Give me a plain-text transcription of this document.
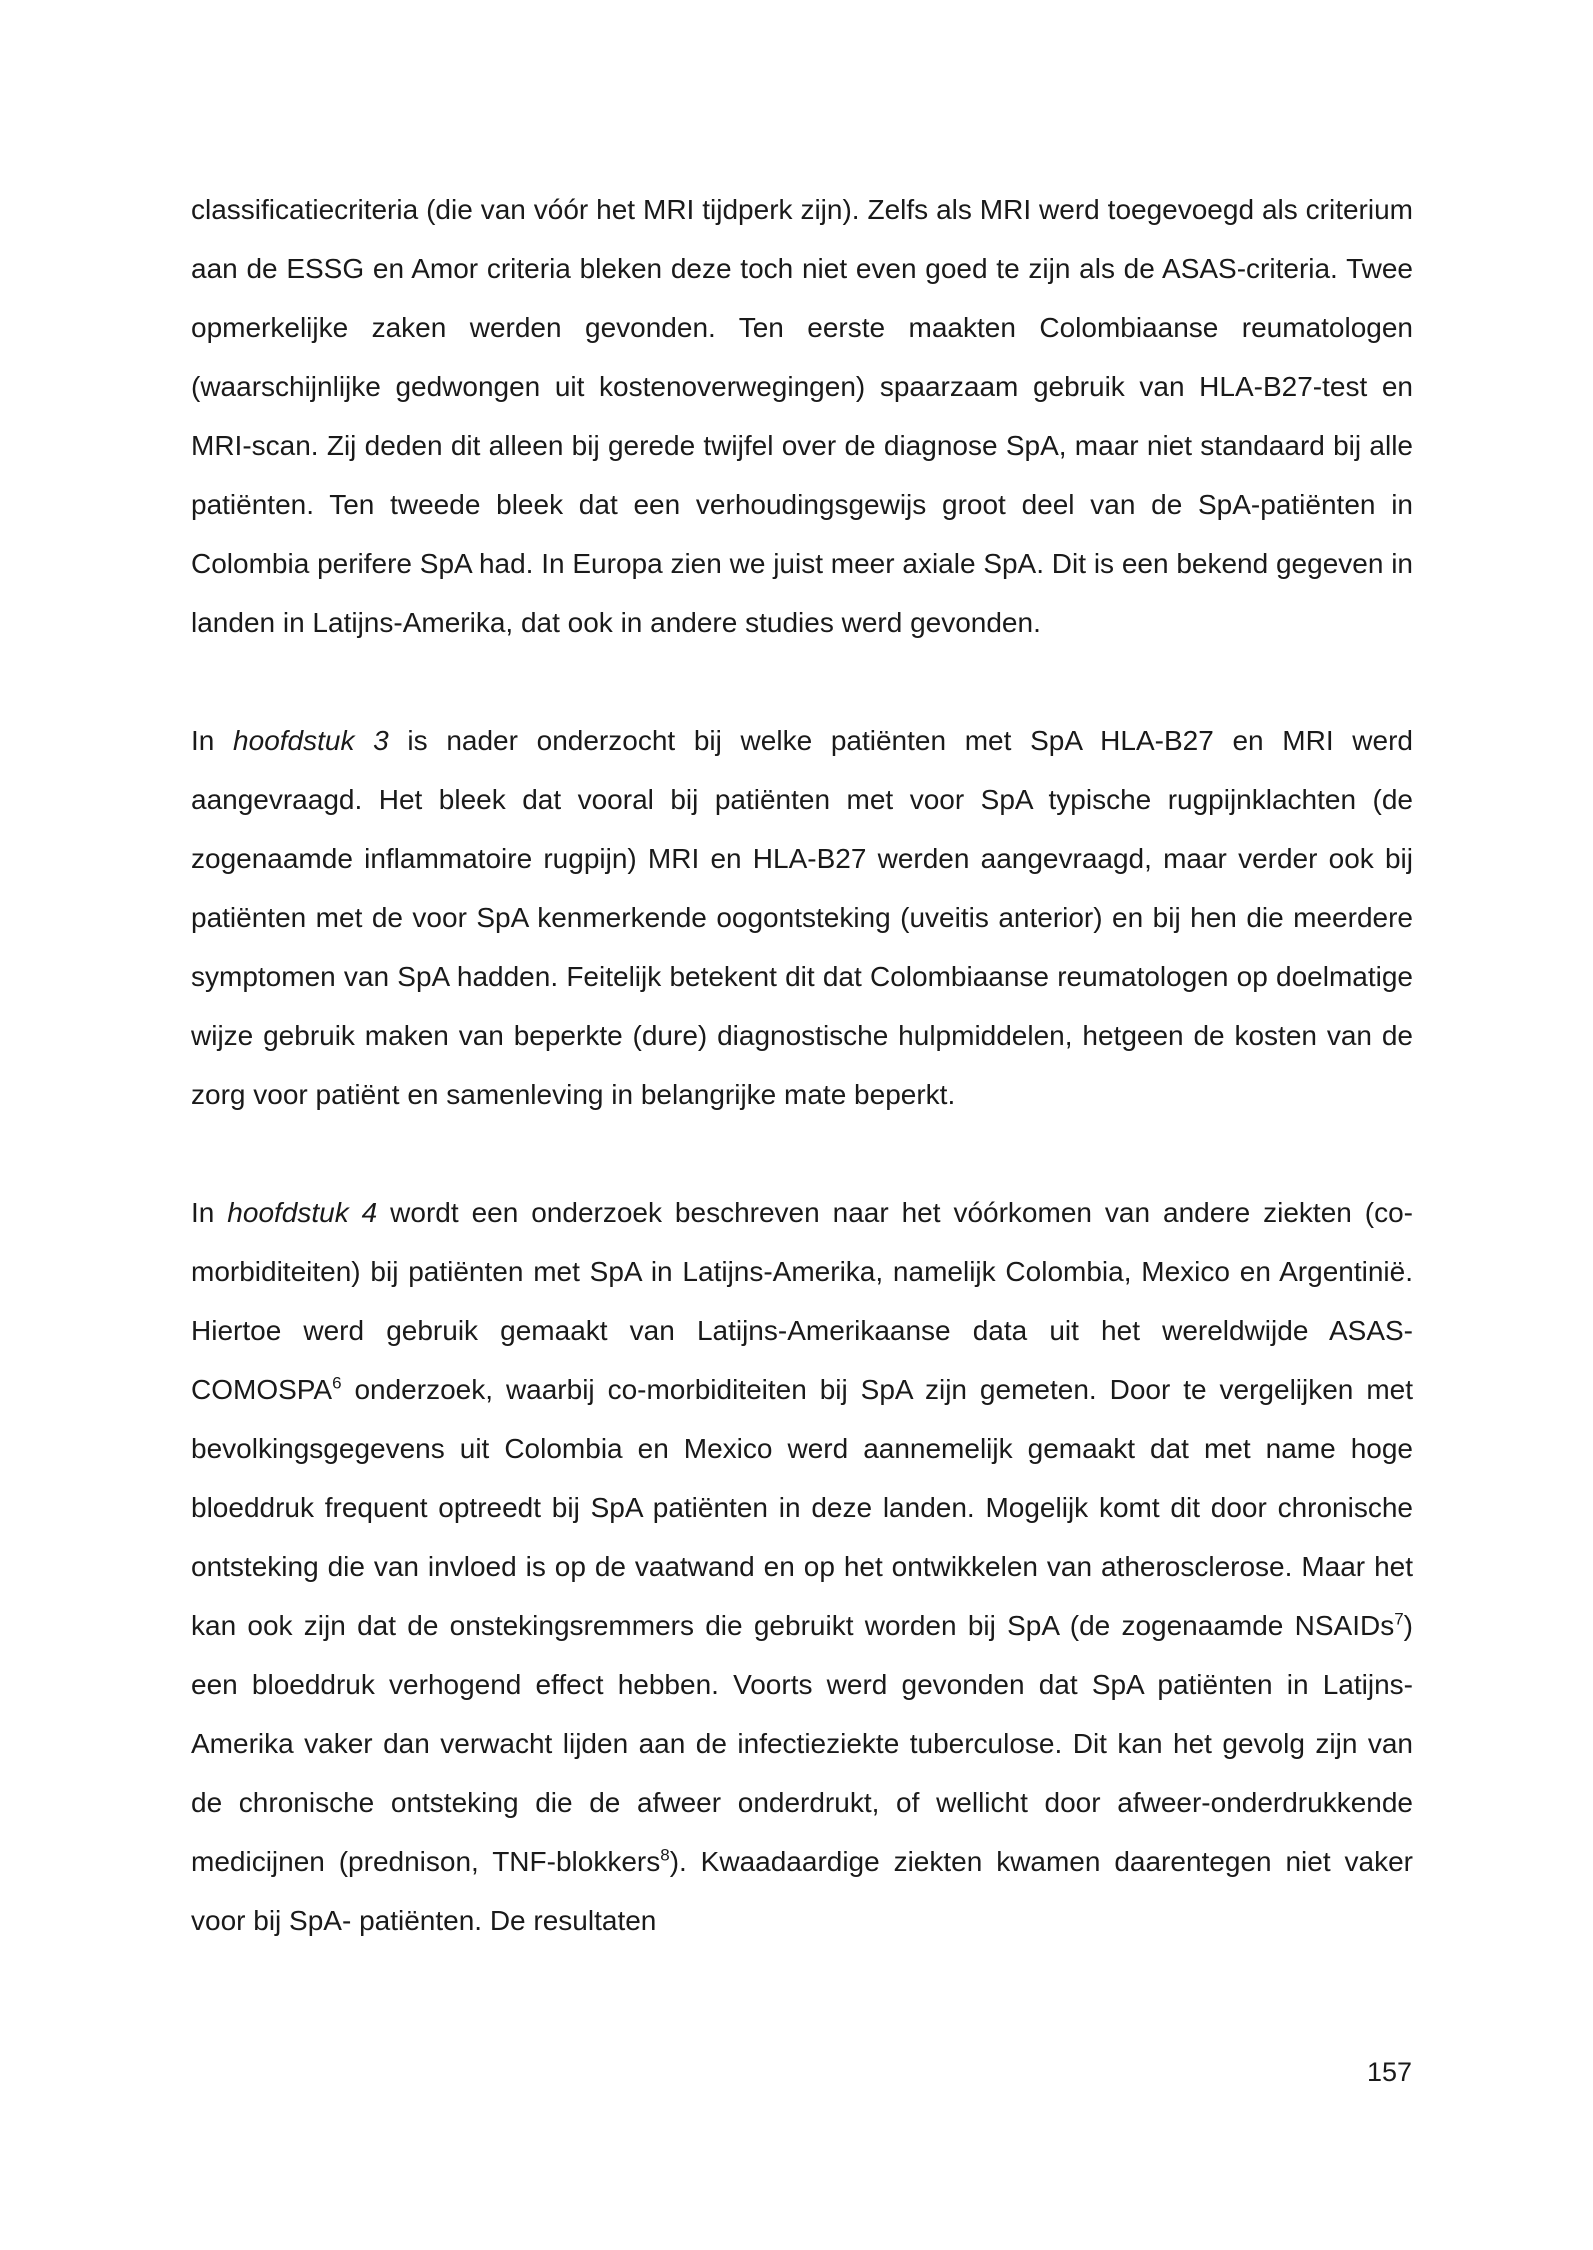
classificatiecriteria (die van vóór het MRI tijdperk zijn). Zelfs als MRI werd toegevoegd als criterium aan de ESSG en Amor criteria bleken deze toch niet even goed te zijn als de ASAS-criteria. Twee opmerkelijke zaken werden gevonden. Ten eerste maakten Colombiaanse reumatologen (waarschijnlijke gedwongen uit kostenoverwegingen) spaarzaam gebruik van HLA-B27-test en MRI-scan. Zij deden dit alleen bij gerede twijfel over de diagnose SpA, maar niet standaard bij alle patiënten. Ten tweede bleek dat een verhoudingsgewijs groot deel van de SpA-patiënten in Colombia perifere SpA had. In Europa zien we juist meer axiale SpA. Dit is een bekend gegeven in landen in Latijns-Amerika, dat ook in andere studies werd gevonden.

In hoofdstuk 3 is nader onderzocht bij welke patiënten met SpA HLA-B27 en MRI werd aangevraagd. Het bleek dat vooral bij patiënten met voor SpA typische rugpijnklachten (de zogenaamde inflammatoire rugpijn) MRI en HLA-B27 werden aangevraagd, maar verder ook bij patiënten met de voor SpA kenmerkende oogontsteking (uveitis anterior) en bij hen die meerdere symptomen van SpA hadden. Feitelijk betekent dit dat Colombiaanse reumatologen op doelmatige wijze gebruik maken van beperkte (dure) diagnostische hulpmiddelen, hetgeen de kosten van de zorg voor patiënt en samenleving in belangrijke mate beperkt.

In hoofdstuk 4 wordt een onderzoek beschreven naar het vóórkomen van andere ziekten (co-morbiditeiten) bij patiënten met SpA in Latijns-Amerika, namelijk Colombia, Mexico en Argentinië. Hiertoe werd gebruik gemaakt van Latijns-Amerikaanse data uit het wereldwijde ASAS-COMOSPA$^6$ onderzoek, waarbij co-morbiditeiten bij SpA zijn gemeten. Door te vergelijken met bevolkingsgegevens uit Colombia en Mexico werd aannemelijk gemaakt dat met name hoge bloeddruk frequent optreedt bij SpA patiënten in deze landen. Mogelijk komt dit door chronische ontsteking die van invloed is op de vaatwand en op het ontwikkelen van atherosclerose. Maar het kan ook zijn dat de onstekingsremmers die gebruikt worden bij SpA (de zogenaamde NSAIDs$^7$) een bloeddruk verhogend effect hebben. Voorts werd gevonden dat SpA patiënten in Latijns-Amerika vaker dan verwacht lijden aan de infectieziekte tuberculose. Dit kan het gevolg zijn van de chronische ontsteking die de afweer onderdrukt, of wellicht door afweer-onderdrukkende medicijnen (prednison, TNF-blokkers$^8$). Kwaadaardige ziekten kwamen daarentegen niet vaker voor bij SpA- patiënten. De resultaten

157
